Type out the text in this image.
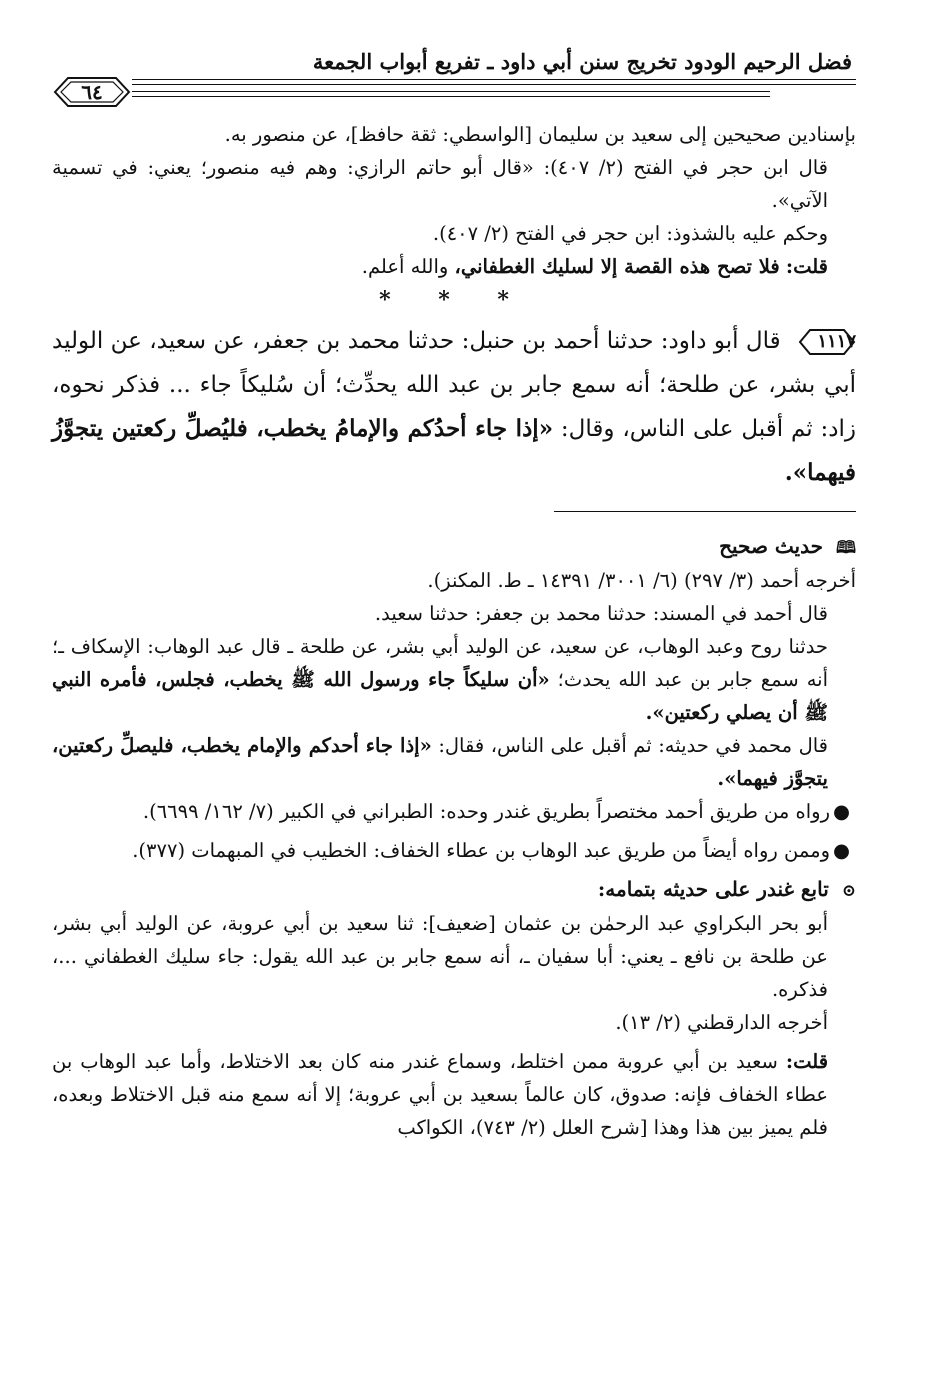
فضل الرحيم الودود تخريج سنن أبي داود ـ تفريع أبواب الجمعة
٦٤

بإسنادين صحيحين إلى سعيد بن سليمان [الواسطي: ثقة حافظ]، عن منصور به.

قال ابن حجر في الفتح (٢/ ٤٠٧): «قال أبو حاتم الرازي: وهم فيه منصور؛ يعني: في تسمية الآتي».

وحكم عليه بالشذوذ: ابن حجر في الفتح (٢/ ٤٠٧).

قلت: فلا تصح هذه القصة إلا لسليك الغطفاني، والله أعلم.

* * *

١١١٧ قال أبو داود: حدثنا أحمد بن حنبل: حدثنا محمد بن جعفر، عن سعيد، عن الوليد أبي بشر، عن طلحة؛ أنه سمع جابر بن عبد الله يحدِّث؛ أن سُليكاً جاء ... فذكر نحوه، زاد: ثم أقبل على الناس، وقال: «إذا جاء أحدُكم والإمامُ يخطب، فليُصلِّ ركعتين يتجوَّزُ فيهما».

🕮 حديث صحيح

أخرجه أحمد (٣/ ٢٩٧) (٦/ ٣٠٠١/ ١٤٣٩١ ـ ط. المكنز).

قال أحمد في المسند: حدثنا محمد بن جعفر: حدثنا سعيد.

حدثنا روح وعبد الوهاب، عن سعيد، عن الوليد أبي بشر، عن طلحة ـ قال عبد الوهاب: الإسكاف ـ؛ أنه سمع جابر بن عبد الله يحدث؛ «أن سليكاً جاء ورسول الله ﷺ يخطب، فجلس، فأمره النبي ﷺ أن يصلي ركعتين».

قال محمد في حديثه: ثم أقبل على الناس، فقال: «إذا جاء أحدكم والإمام يخطب، فليصلِّ ركعتين، يتجوَّز فيهما».

●
رواه من طريق أحمد مختصراً بطريق غندر وحده: الطبراني في الكبير (٧/ ١٦٢/ ٦٦٩٩).

●
وممن رواه أيضاً من طريق عبد الوهاب بن عطاء الخفاف: الخطيب في المبهمات (٣٧٧).

⊙ تابع غندر على حديثه بتمامه:

أبو بحر البكراوي عبد الرحمٰن بن عثمان [ضعيف]: ثنا سعيد بن أبي عروبة، عن الوليد أبي بشر، عن طلحة بن نافع ـ يعني: أبا سفيان ـ، أنه سمع جابر بن عبد الله يقول: جاء سليك الغطفاني ...، فذكره.

أخرجه الدارقطني (٢/ ١٣).

قلت: سعيد بن أبي عروبة ممن اختلط، وسماع غندر منه كان بعد الاختلاط، وأما عبد الوهاب بن عطاء الخفاف فإنه: صدوق، كان عالماً بسعيد بن أبي عروبة؛ إلا أنه سمع منه قبل الاختلاط وبعده، فلم يميز بين هذا وهذا [شرح العلل (٢/ ٧٤٣)، الكواكب
